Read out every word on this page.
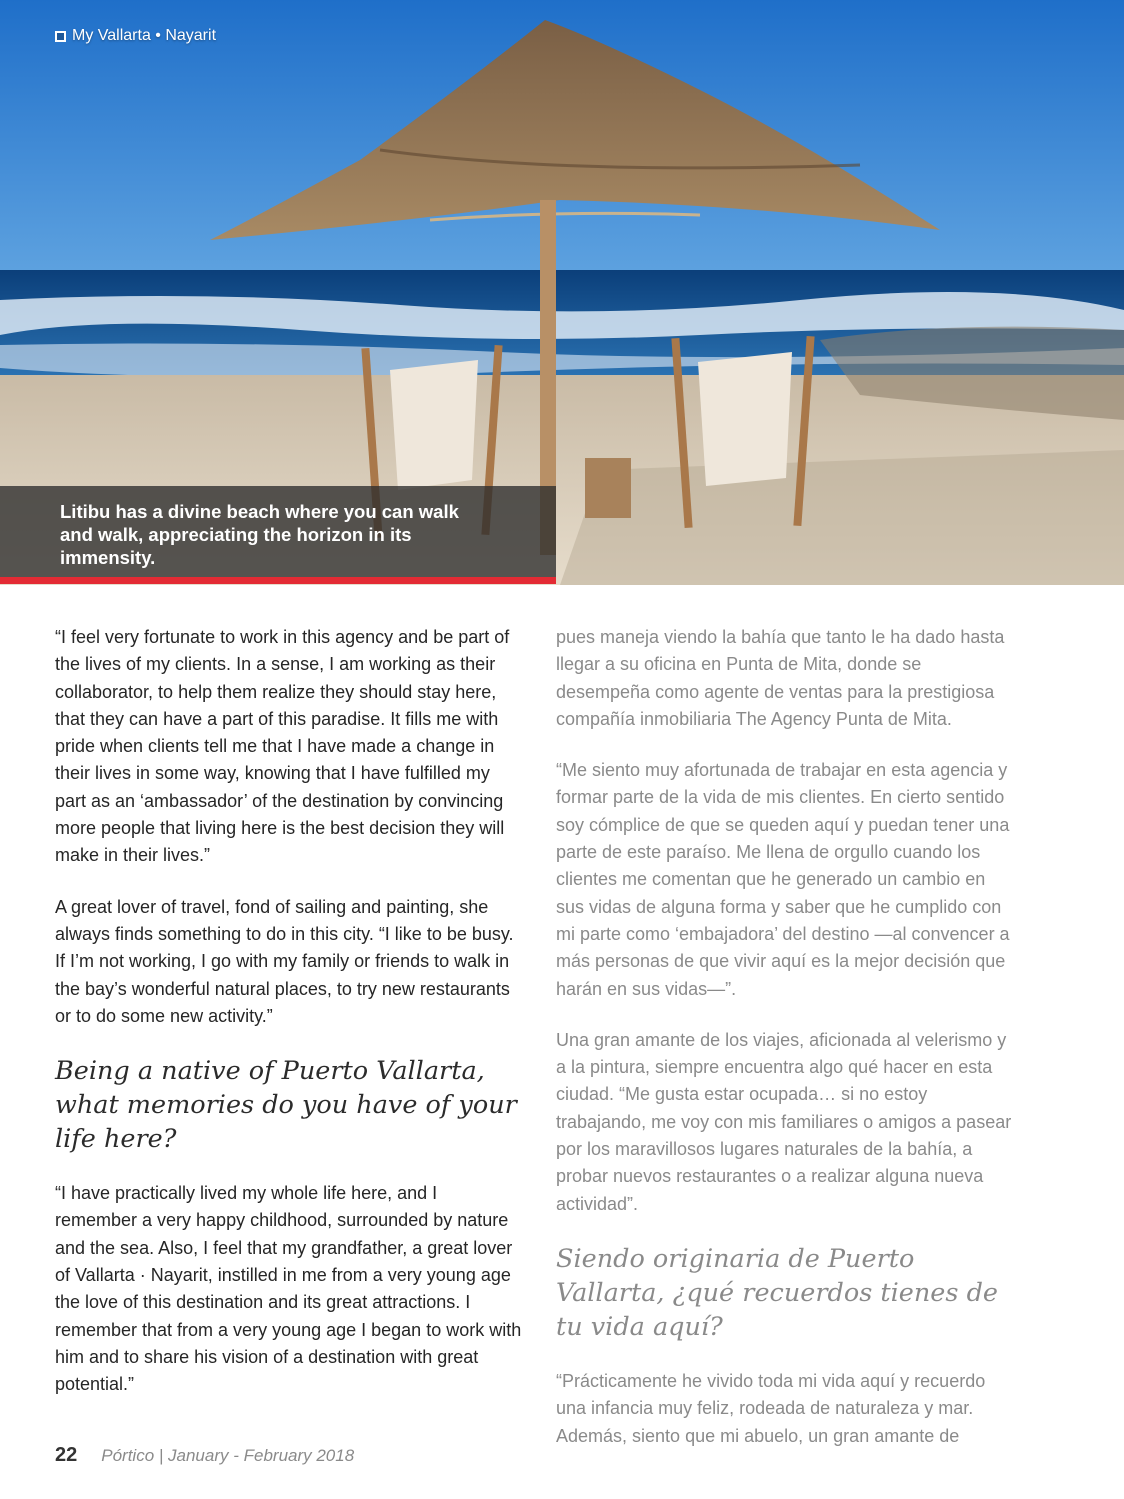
My Vallarta • Nayarit

Litibu has a divine beach where you can walk and walk, appreciating the horizon in its immensity.

“I feel very fortunate to work in this agency and be part of the lives of my clients. In a sense, I am working as their collaborator, to help them realize they should stay here, that they can have a part of this paradise. It fills me with pride when clients tell me that I have made a change in their lives in some way, knowing that I have fulfilled my part as an ‘ambassador’ of the destination by convincing more people that living here is the best decision they will make in their lives.”

A great lover of travel, fond of sailing and painting, she always finds something to do in this city. “I like to be busy. If I’m not working, I go with my family or friends to walk in the bay’s wonderful natural places, to try new restaurants or to do some new activity.”

Being a native of Puerto Vallarta, what memories do you have of your life here?

“I have practically lived my whole life here, and I remember a very happy childhood, surrounded by nature and the sea. Also, I feel that my grandfather, a great lover of Vallarta · Nayarit, instilled in me from a very young age the love of this destination and its great attractions. I remember that from a very young age I began to work with him and to share his vision of a destination with great potential.”

pues maneja viendo la bahía que tanto le ha dado hasta llegar a su oficina en Punta de Mita, donde se desempeña como agente de ventas para la prestigiosa compañía inmobiliaria The Agency Punta de Mita.

“Me siento muy afortunada de trabajar en esta agencia y formar parte de la vida de mis clientes. En cierto sentido soy cómplice de que se queden aquí y puedan tener una parte de este paraíso. Me llena de orgullo cuando los clientes me comentan que he generado un cambio en sus vidas de alguna forma y saber que he cumplido con mi parte como ‘embajadora’ del destino —al convencer a más personas de que vivir aquí es la mejor decisión que harán en sus vidas—”.

Una gran amante de los viajes, aficionada al velerismo y a la pintura, siempre encuentra algo qué hacer en esta ciudad. “Me gusta estar ocupada… si no estoy trabajando, me voy con mis familiares o amigos a pasear por los maravillosos lugares naturales de la bahía, a probar nuevos restaurantes o a realizar alguna nueva actividad”.

Siendo originaria de Puerto Vallarta, ¿qué recuerdos tienes de tu vida aquí?

“Prácticamente he vivido toda mi vida aquí y recuerdo una infancia muy feliz, rodeada de naturaleza y mar. Además, siento que mi abuelo, un gran amante de

22 Pórtico | January - February 2018
